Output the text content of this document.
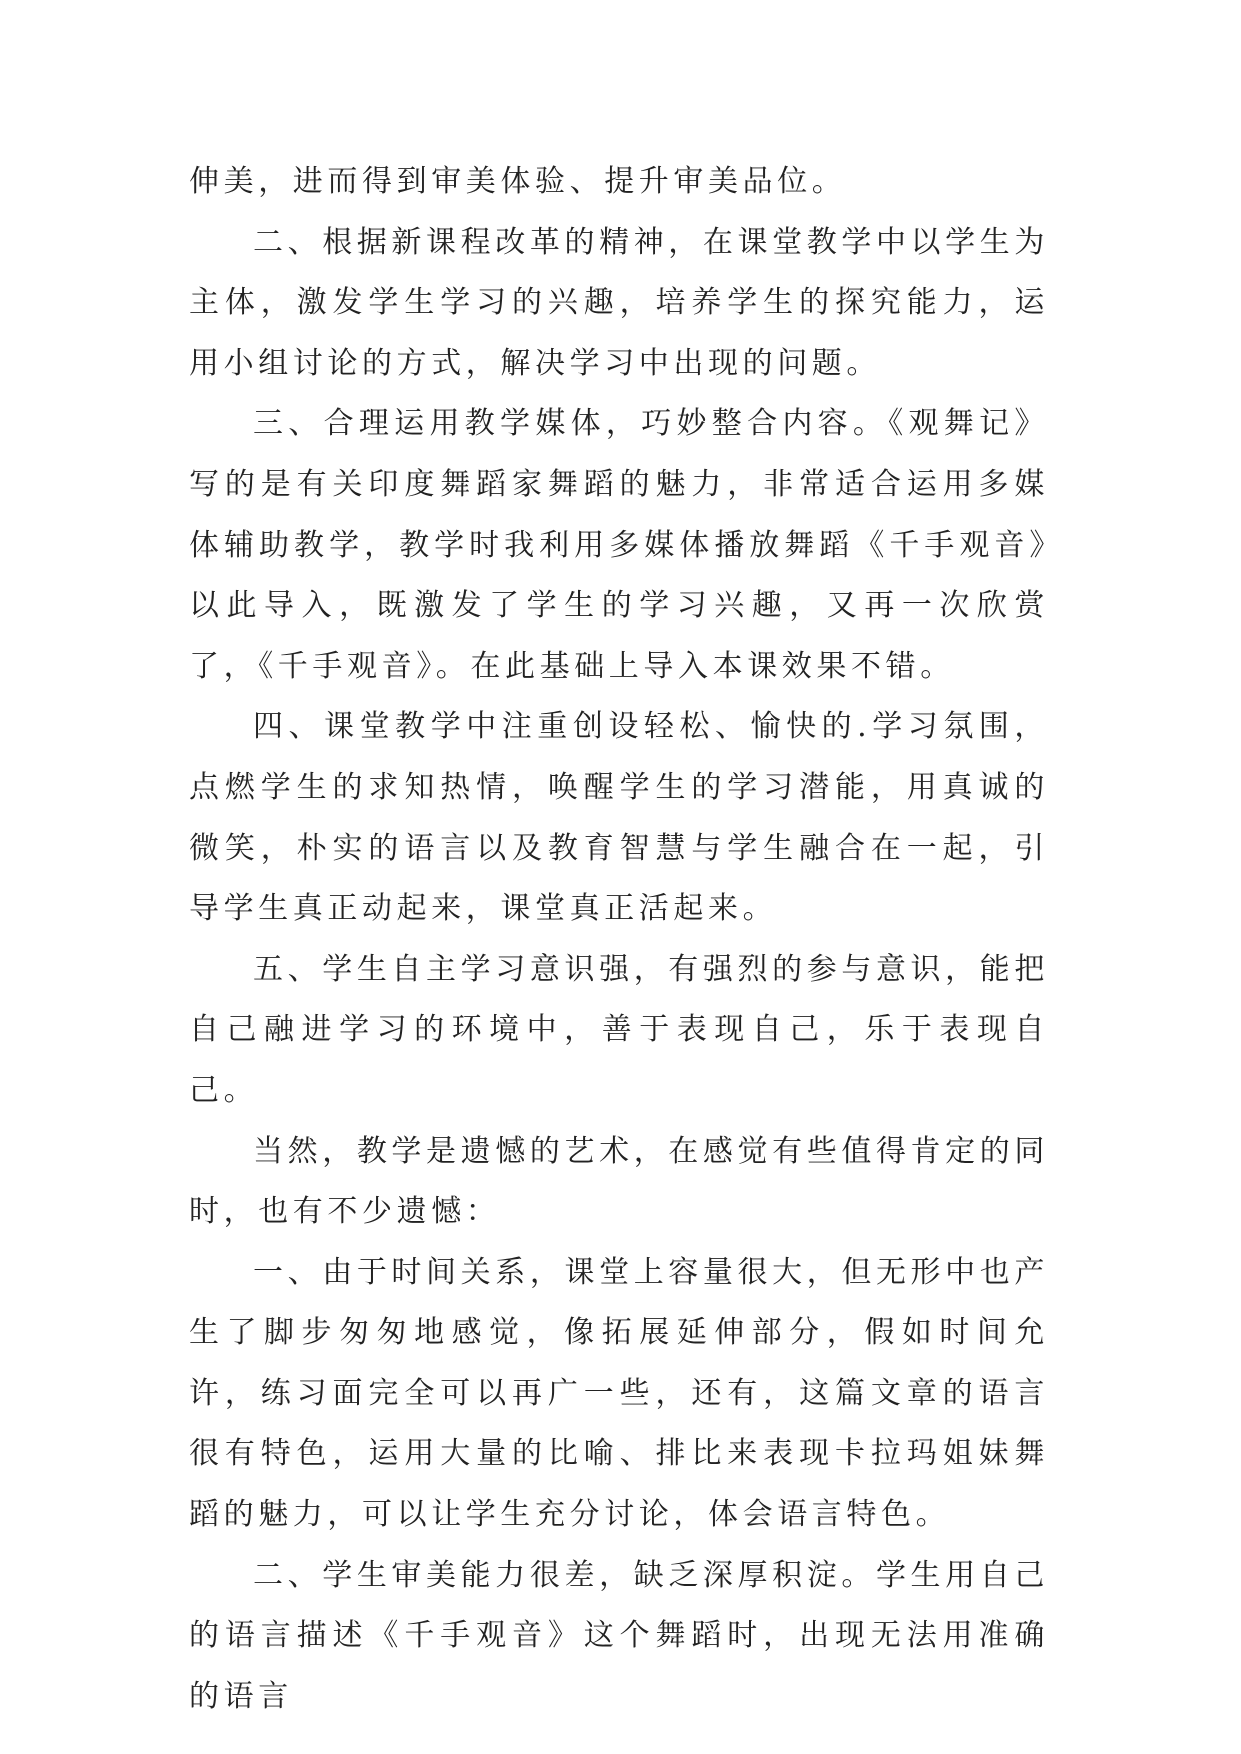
伸美，进而得到审美体验、提升审美品位。

二、根据新课程改革的精神，在课堂教学中以学生为主体，激发学生学习的兴趣，培养学生的探究能力，运用小组讨论的方式，解决学习中出现的问题。

三、合理运用教学媒体，巧妙整合内容。《观舞记》写的是有关印度舞蹈家舞蹈的魅力，非常适合运用多媒体辅助教学，教学时我利用多媒体播放舞蹈《千手观音》以此导入，既激发了学生的学习兴趣，又再一次欣赏了，《千手观音》。在此基础上导入本课效果不错。

四、课堂教学中注重创设轻松、愉快的.学习氛围，点燃学生的求知热情，唤醒学生的学习潜能，用真诚的微笑，朴实的语言以及教育智慧与学生融合在一起，引导学生真正动起来，课堂真正活起来。

五、学生自主学习意识强，有强烈的参与意识，能把自己融进学习的环境中，善于表现自己，乐于表现自己。

当然，教学是遗憾的艺术，在感觉有些值得肯定的同时，也有不少遗憾：

一、由于时间关系，课堂上容量很大，但无形中也产生了脚步匆匆地感觉，像拓展延伸部分，假如时间允许，练习面完全可以再广一些，还有，这篇文章的语言很有特色，运用大量的比喻、排比来表现卡拉玛姐妹舞蹈的魅力，可以让学生充分讨论，体会语言特色。

二、学生审美能力很差，缺乏深厚积淀。学生用自己的语言描述《千手观音》这个舞蹈时，出现无法用准确的语言
